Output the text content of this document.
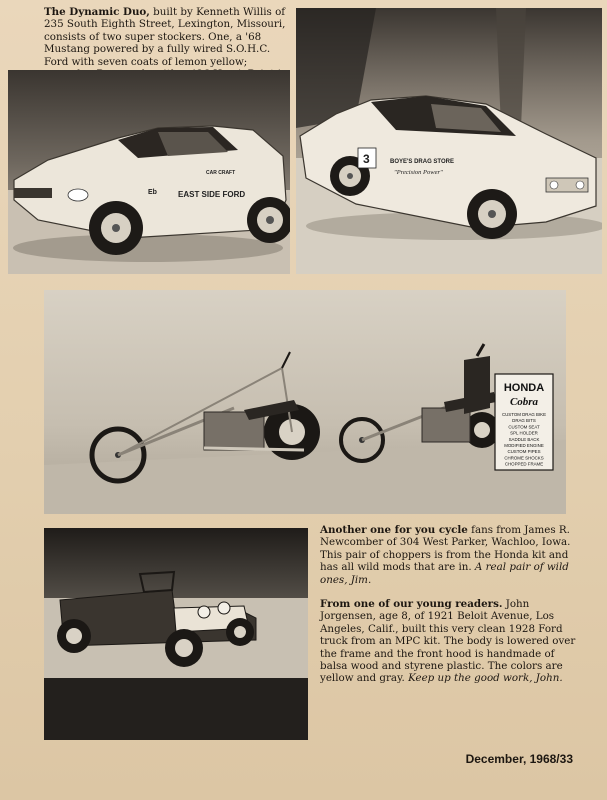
The Dynamic Duo, built by Kenneth Willis of 235 South Eighth Street, Lexington, Missouri, consists of two super stockers. One, a '68 Mustang powered by a fully wired S.O.H.C. Ford with seven coats of lemon yellow;
EAST SIDE FORD
CAR CRAFT
Eb
3	BOYE'S DRAG STORE
"Precision Power"
HONDA
Cobra
CUSTOM DRAG BIKE
DRAG BITS
CUSTOM SEAT
SPL HOLDER
SADDLE BACK
MODIFIED ENGINE
CUSTOM PIPES
CHROME SHOCKS
CHOPPED FRAME
Another one for you cycle fans from James R. Newcomber of 304 West Parker, Wachloo, Iowa. This pair of choppers is from the Honda kit and has all wild mods that are in. A real pair of wild ones, Jim.
From one of our young readers. John Jorgensen, age 8, of 1921 Beloit Avenue, Los Angeles, Calif., built this very clean 1928 Ford truck from an MPC kit. The body is lowered over the frame and the front hood is handmade of balsa wood and styrene plastic. The colors are yellow and gray. Keep up the good work, John.
December, 1968/33
